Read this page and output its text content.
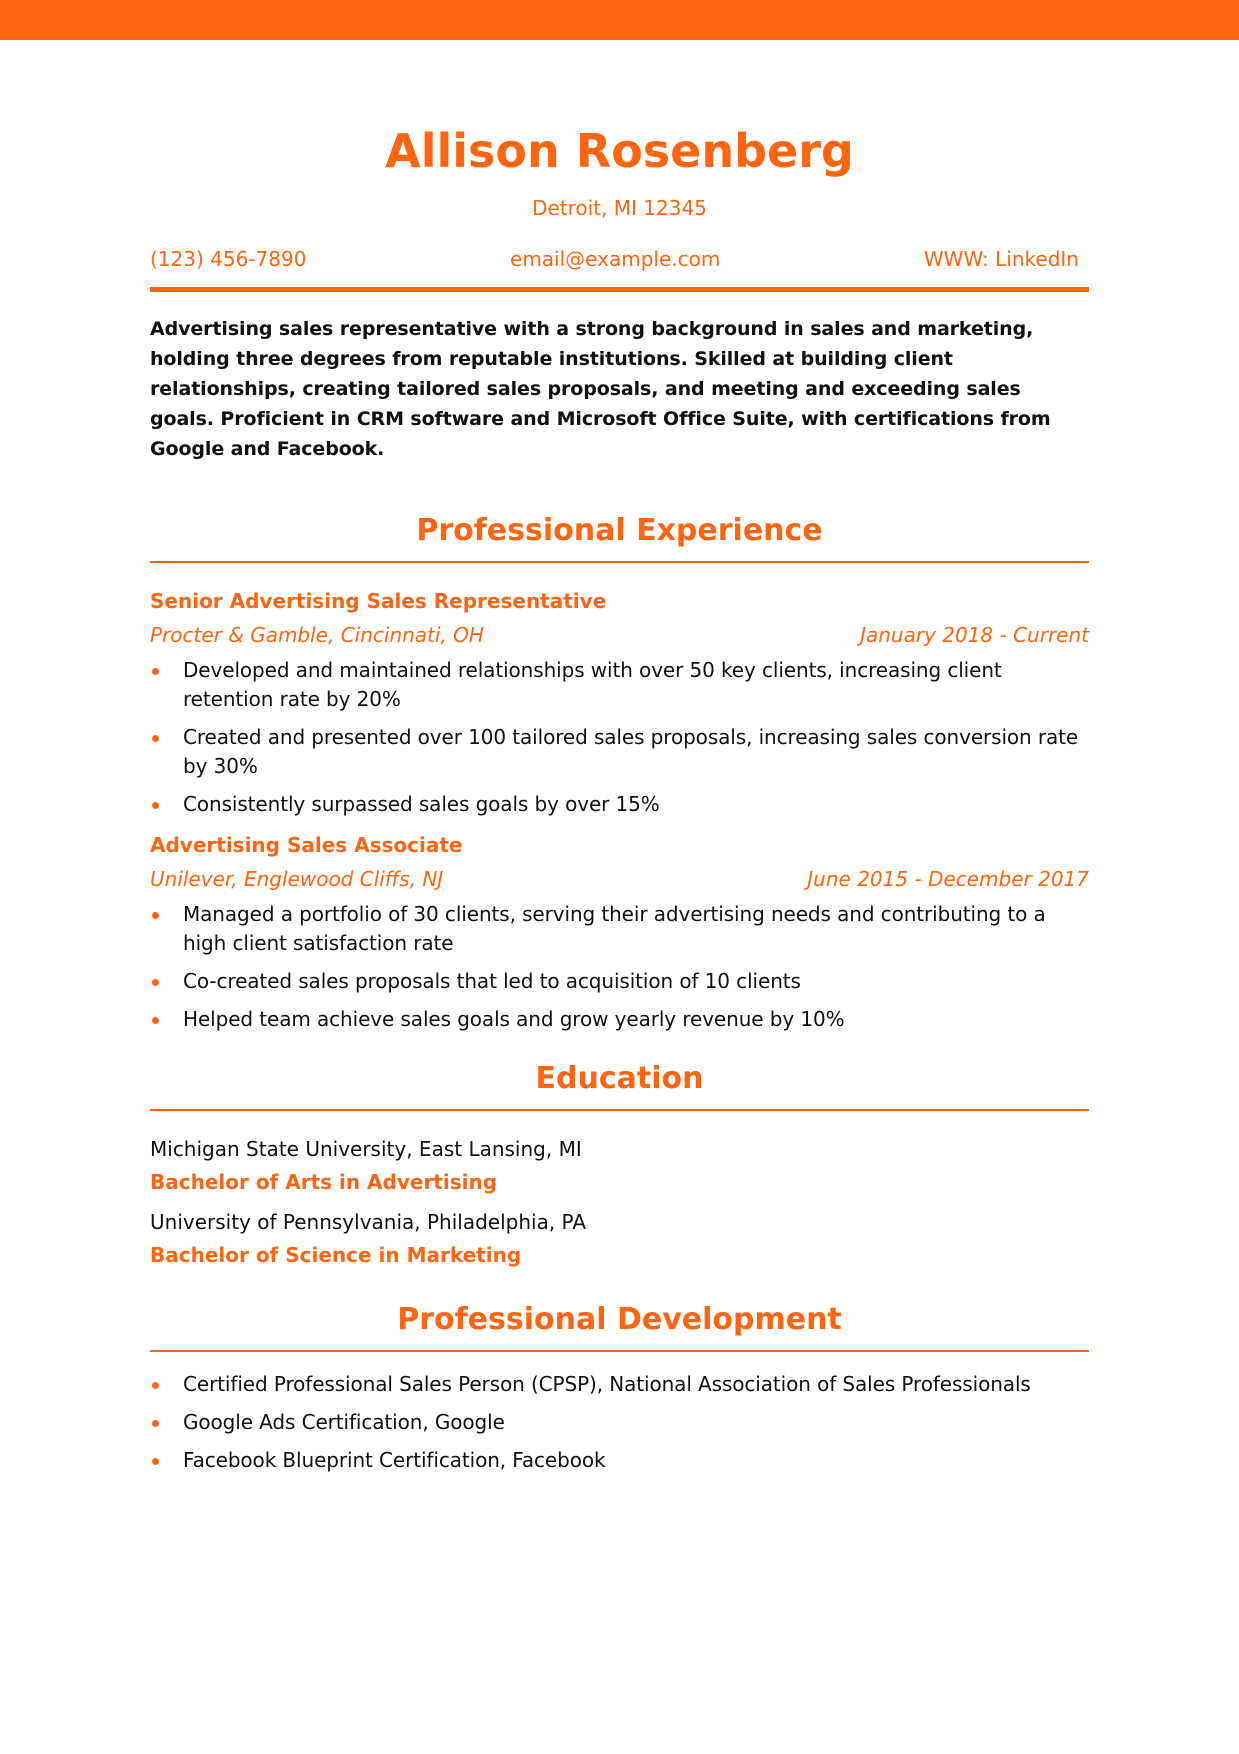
Allison Rosenberg
Detroit, MI 12345
(123) 456-7890	email@example.com	WWW: LinkedIn
Advertising sales representative with a strong background in sales and marketing, holding three degrees from reputable institutions. Skilled at building client relationships, creating tailored sales proposals, and meeting and exceeding sales goals. Proficient in CRM software and Microsoft Office Suite, with certifications from Google and Facebook.
Professional Experience
Senior Advertising Sales Representative
Procter & Gamble, Cincinnati, OH	January 2018 - Current
Developed and maintained relationships with over 50 key clients, increasing client retention rate by 20%
Created and presented over 100 tailored sales proposals, increasing sales conversion rate by 30%
Consistently surpassed sales goals by over 15%
Advertising Sales Associate
Unilever, Englewood Cliffs, NJ	June 2015 - December 2017
Managed a portfolio of 30 clients, serving their advertising needs and contributing to a high client satisfaction rate
Co-created sales proposals that led to acquisition of 10 clients
Helped team achieve sales goals and grow yearly revenue by 10%
Education
Michigan State University, East Lansing, MI
Bachelor of Arts in Advertising
University of Pennsylvania, Philadelphia, PA
Bachelor of Science in Marketing
Professional Development
Certified Professional Sales Person (CPSP), National Association of Sales Professionals
Google Ads Certification, Google
Facebook Blueprint Certification, Facebook
